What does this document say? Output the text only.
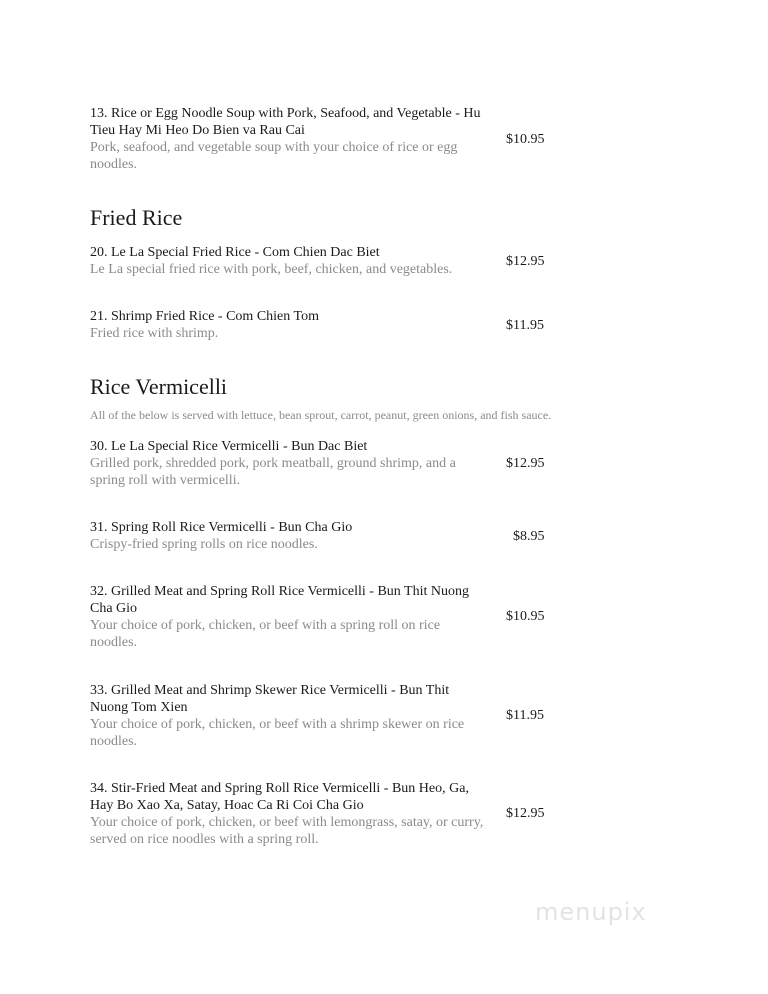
13. Rice or Egg Noodle Soup with Pork, Seafood, and Vegetable - Hu Tieu Hay Mi Heo Do Bien va Rau Cai
Pork, seafood, and vegetable soup with your choice of rice or egg noodles.
$10.95
Fried Rice
20. Le La Special Fried Rice - Com Chien Dac Biet
Le La special fried rice with pork, beef, chicken, and vegetables.
$12.95
21. Shrimp Fried Rice - Com Chien Tom
Fried rice with shrimp.
$11.95
Rice Vermicelli
All of the below is served with lettuce, bean sprout, carrot, peanut, green onions, and fish sauce.
30. Le La Special Rice Vermicelli - Bun Dac Biet
Grilled pork, shredded pork, pork meatball, ground shrimp, and a spring roll with vermicelli.
$12.95
31. Spring Roll Rice Vermicelli - Bun Cha Gio
Crispy-fried spring rolls on rice noodles.
$8.95
32. Grilled Meat and Spring Roll Rice Vermicelli - Bun Thit Nuong Cha Gio
Your choice of pork, chicken, or beef with a spring roll on rice noodles.
$10.95
33. Grilled Meat and Shrimp Skewer Rice Vermicelli - Bun Thit Nuong Tom Xien
Your choice of pork, chicken, or beef with a shrimp skewer on rice noodles.
$11.95
34. Stir-Fried Meat and Spring Roll Rice Vermicelli - Bun Heo, Ga, Hay Bo Xao Xa, Satay, Hoac Ca Ri Coi Cha Gio
Your choice of pork, chicken, or beef with lemongrass, satay, or curry, served on rice noodles with a spring roll.
$12.95
menupix
